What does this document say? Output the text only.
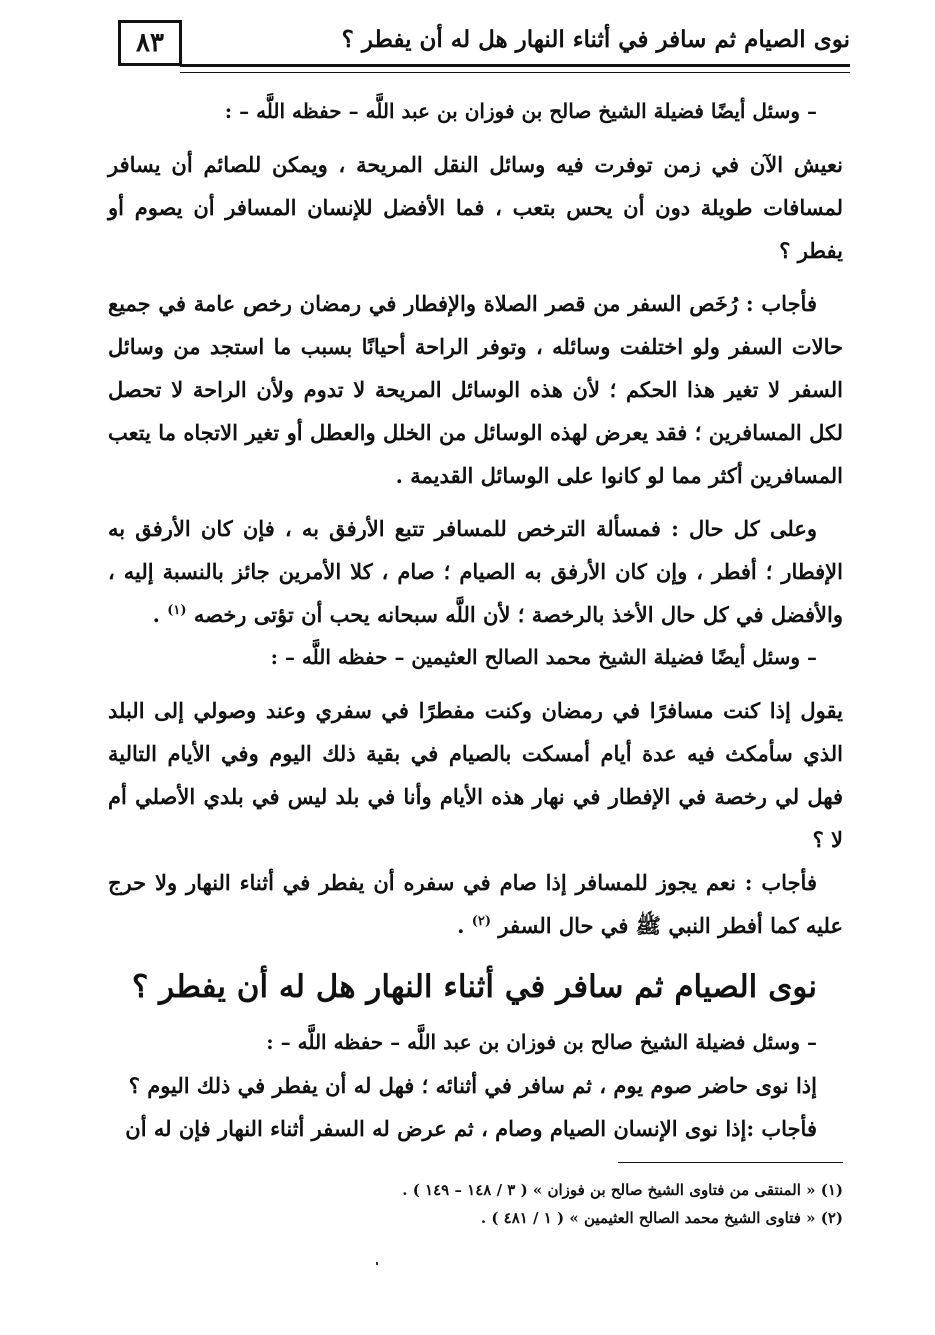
٨٣	نوى الصيام ثم سافر في أثناء النهار هل له أن يفطر ؟

– وسئل أيضًا فضيلة الشيخ صالح بن فوزان بن عبد اللَّه – حفظه اللَّه – :

نعيش الآن في زمن توفرت فيه وسائل النقل المريحة ، ويمكن للصائم أن يسافر لمسافات طويلة دون أن يحس بتعب ، فما الأفضل للإنسان المسافر أن يصوم أو يفطر ؟

فأجاب : رُخَص السفر من قصر الصلاة والإفطار في رمضان رخص عامة في جميع حالات السفر ولو اختلفت وسائله ، وتوفر الراحة أحيانًا بسبب ما استجد من وسائل السفر لا تغير هذا الحكم ؛ لأن هذه الوسائل المريحة لا تدوم ولأن الراحة لا تحصل لكل المسافرين ؛ فقد يعرض لهذه الوسائل من الخلل والعطل أو تغير الاتجاه ما يتعب المسافرين أكثر مما لو كانوا على الوسائل القديمة .

وعلى كل حال : فمسألة الترخص للمسافر تتبع الأرفق به ، فإن كان الأرفق به الإفطار ؛ أفطر ، وإن كان الأرفق به الصيام ؛ صام ، كلا الأمرين جائز بالنسبة إليه ، والأفضل في كل حال الأخذ بالرخصة ؛ لأن اللَّه سبحانه يحب أن تؤتى رخصه $^{(١)}$ .

– وسئل أيضًا فضيلة الشيخ محمد الصالح العثيمين – حفظه اللَّه – :

يقول إذا كنت مسافرًا في رمضان وكنت مفطرًا في سفري وعند وصولي إلى البلد الذي سأمكث فيه عدة أيام أمسكت بالصيام في بقية ذلك اليوم وفي الأيام التالية فهل لي رخصة في الإفطار في نهار هذه الأيام وأنا في بلد ليس في بلدي الأصلي أم لا ؟

فأجاب : نعم يجوز للمسافر إذا صام في سفره أن يفطر في أثناء النهار ولا حرج عليه كما أفطر النبي ﷺ في حال السفر $^{(٢)}$ .

نوى الصيام ثم سافر في أثناء النهار هل له أن يفطر ؟

– وسئل فضيلة الشيخ صالح بن فوزان بن عبد اللَّه – حفظه اللَّه – :

إذا نوى حاضر صوم يوم ، ثم سافر في أثنائه ؛ فهل له أن يفطر في ذلك اليوم ؟

فأجاب :إذا نوى الإنسان الصيام وصام ، ثم عرض له السفر أثناء النهار فإن له أن

(١) « المنتقى من فتاوى الشيخ صالح بن فوزان » ( ٣ / ١٤٨ – ١٤٩ ) .

(٢) « فتاوى الشيخ محمد الصالح العثيمين » ( ١ / ٤٨١ ) .
